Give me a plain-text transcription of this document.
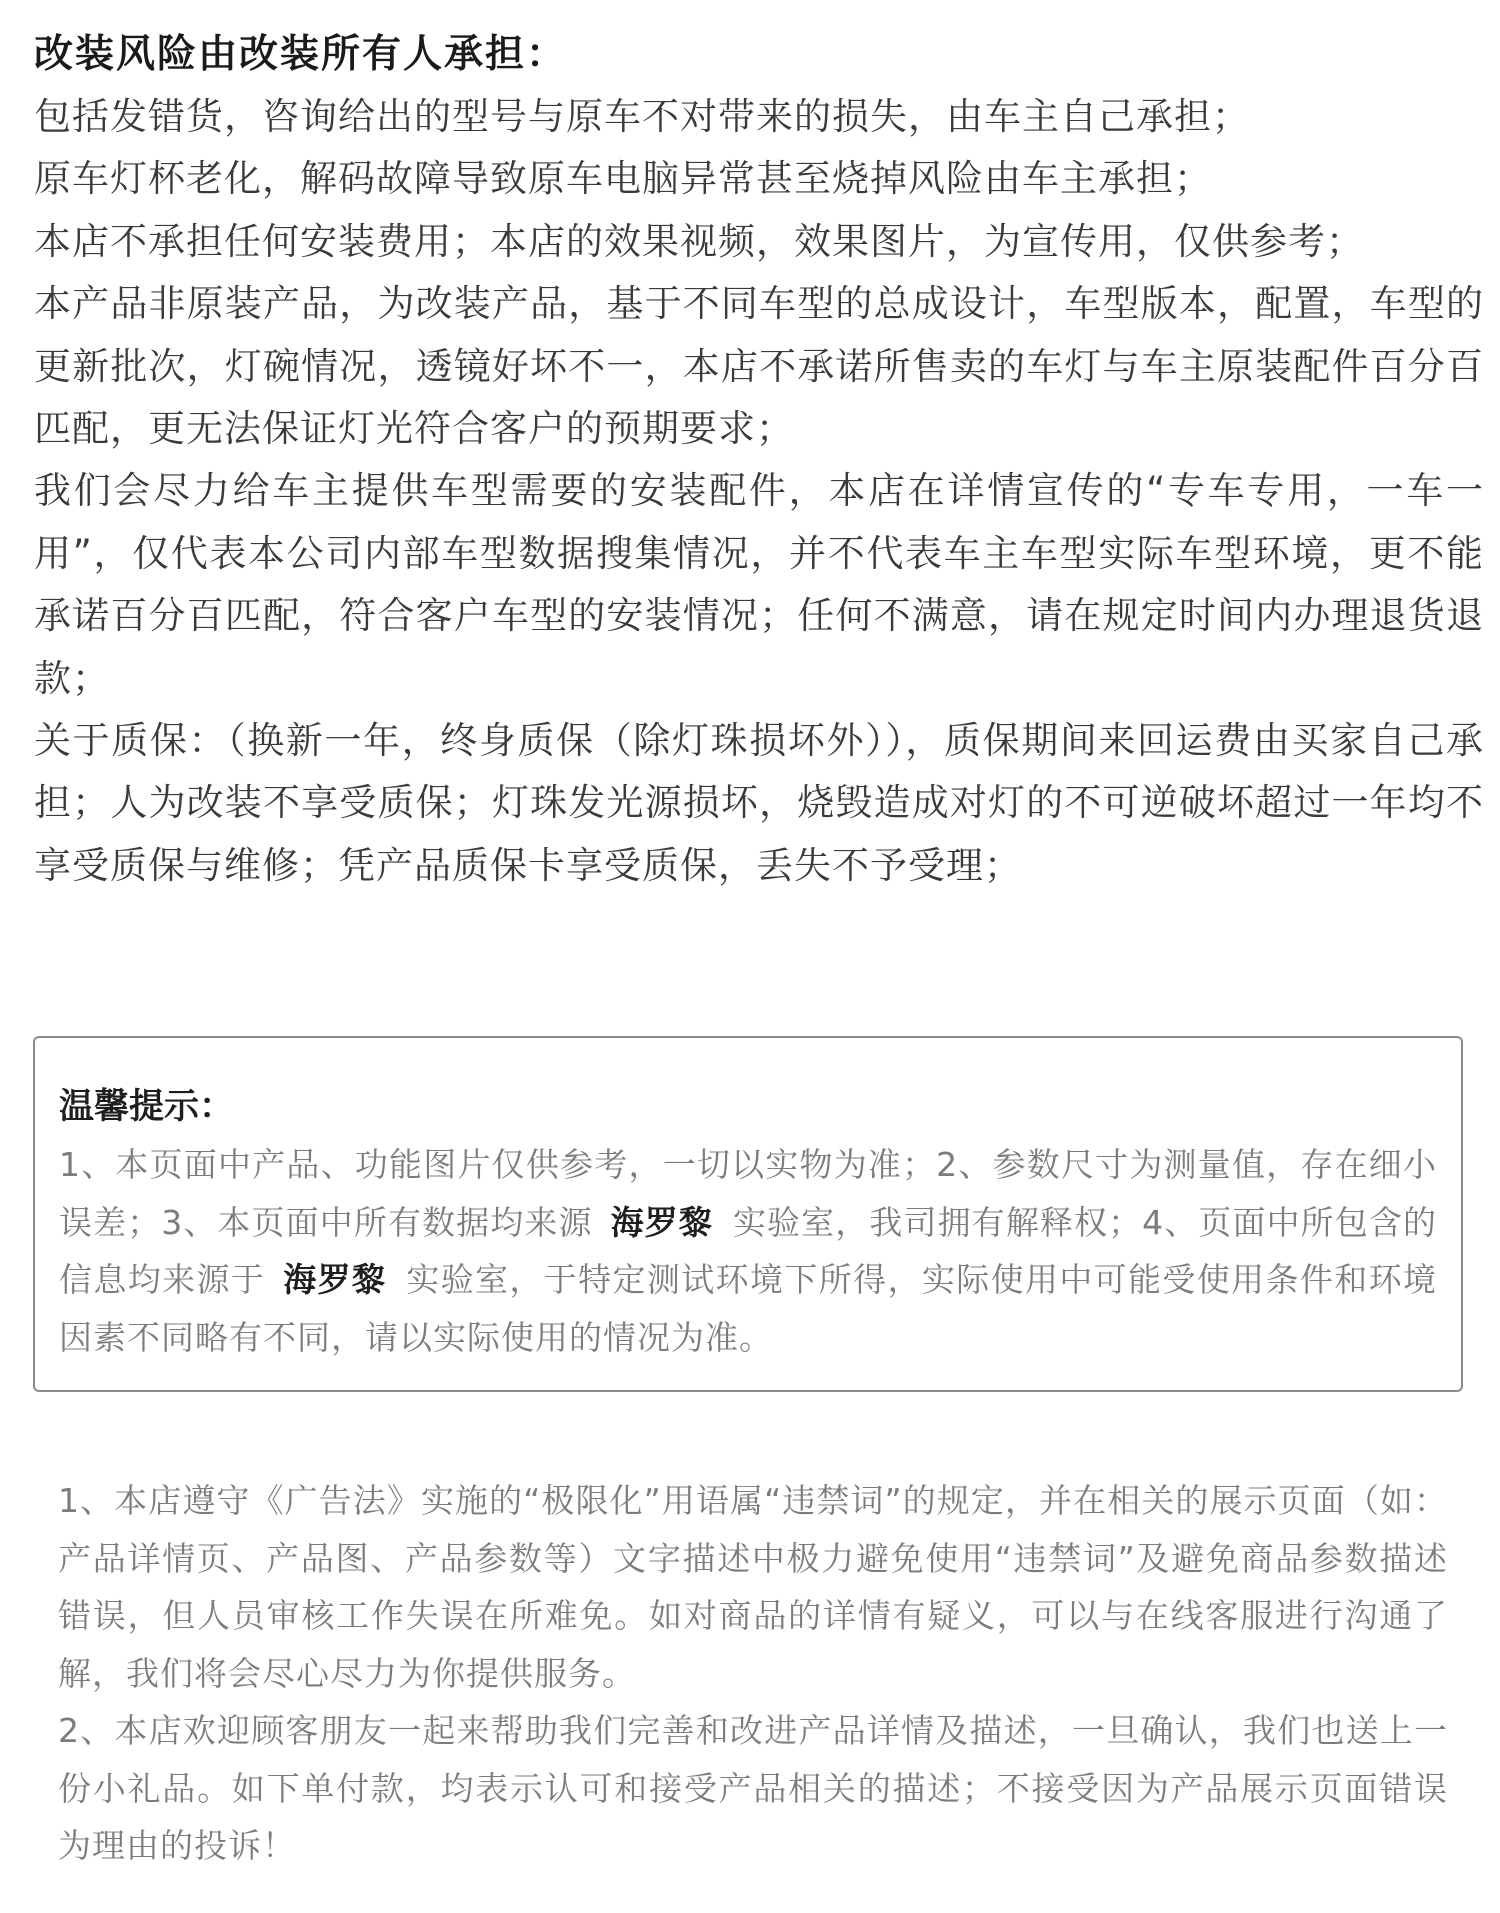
改装风险由改装所有人承担：
包括发错货，咨询给出的型号与原车不对带来的损失，由车主自己承担；
原车灯杯老化，解码故障导致原车电脑异常甚至烧掉风险由车主承担；
本店不承担任何安装费用；本店的效果视频，效果图片，为宣传用，仅供参考；
本产品非原装产品，为改装产品，基于不同车型的总成设计，车型版本，配置，车型的更新批次，灯碗情况，透镜好坏不一，本店不承诺所售卖的车灯与车主原装配件百分百匹配，更无法保证灯光符合客户的预期要求；
我们会尽力给车主提供车型需要的安装配件，本店在详情宣传的“专车专用，一车一用”，仅代表本公司内部车型数据搜集情况，并不代表车主车型实际车型环境，更不能承诺百分百匹配，符合客户车型的安装情况；任何不满意，请在规定时间内办理退货退款；
关于质保：（换新一年，终身质保（除灯珠损坏外）），质保期间来回运费由买家自己承担；人为改装不享受质保；灯珠发光源损坏，烧毁造成对灯的不可逆破坏超过一年均不享受质保与维修；凭产品质保卡享受质保，丢失不予受理；
温馨提示：
1、本页面中产品、功能图片仅供参考，一切以实物为准；2、参数尺寸为测量值，存在细小误差；3、本页面中所有数据均来源 海罗黎 实验室，我司拥有解释权；4、页面中所包含的信息均来源于 海罗黎 实验室，于特定测试环境下所得，实际使用中可能受使用条件和环境因素不同略有不同，请以实际使用的情况为准。
1、本店遵守《广告法》实施的“极限化”用语属“违禁词”的规定，并在相关的展示页面（如：产品详情页、产品图、产品参数等）文字描述中极力避免使用“违禁词”及避免商品参数描述错误，但人员审核工作失误在所难免。如对商品的详情有疑义，可以与在线客服进行沟通了解，我们将会尽心尽力为你提供服务。
2、本店欢迎顾客朋友一起来帮助我们完善和改进产品详情及描述，一旦确认，我们也送上一份小礼品。如下单付款，均表示认可和接受产品相关的描述；不接受因为产品展示页面错误为理由的投诉！
